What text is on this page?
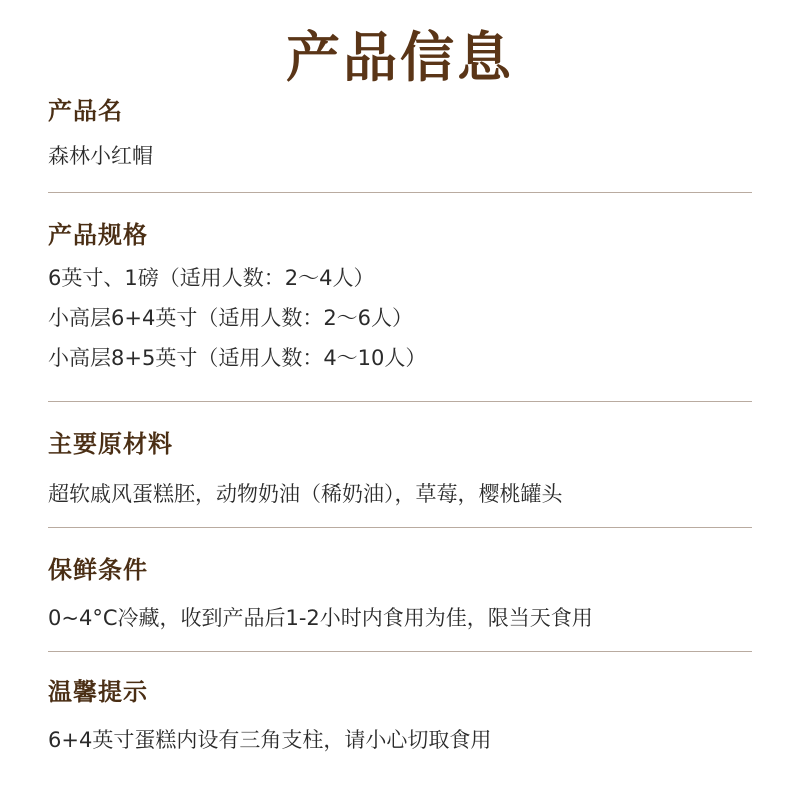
产品信息
产品名
森林小红帽
产品规格
6英寸、1磅（适用人数：2～4人）
小高层6+4英寸（适用人数：2～6人）
小高层8+5英寸（适用人数：4～10人）
主要原材料
超软戚风蛋糕胚，动物奶油（稀奶油），草莓，樱桃罐头
保鲜条件
0~4°C冷藏，收到产品后1-2小时内食用为佳，限当天食用
温馨提示
6+4英寸蛋糕内设有三角支柱，请小心切取食用
